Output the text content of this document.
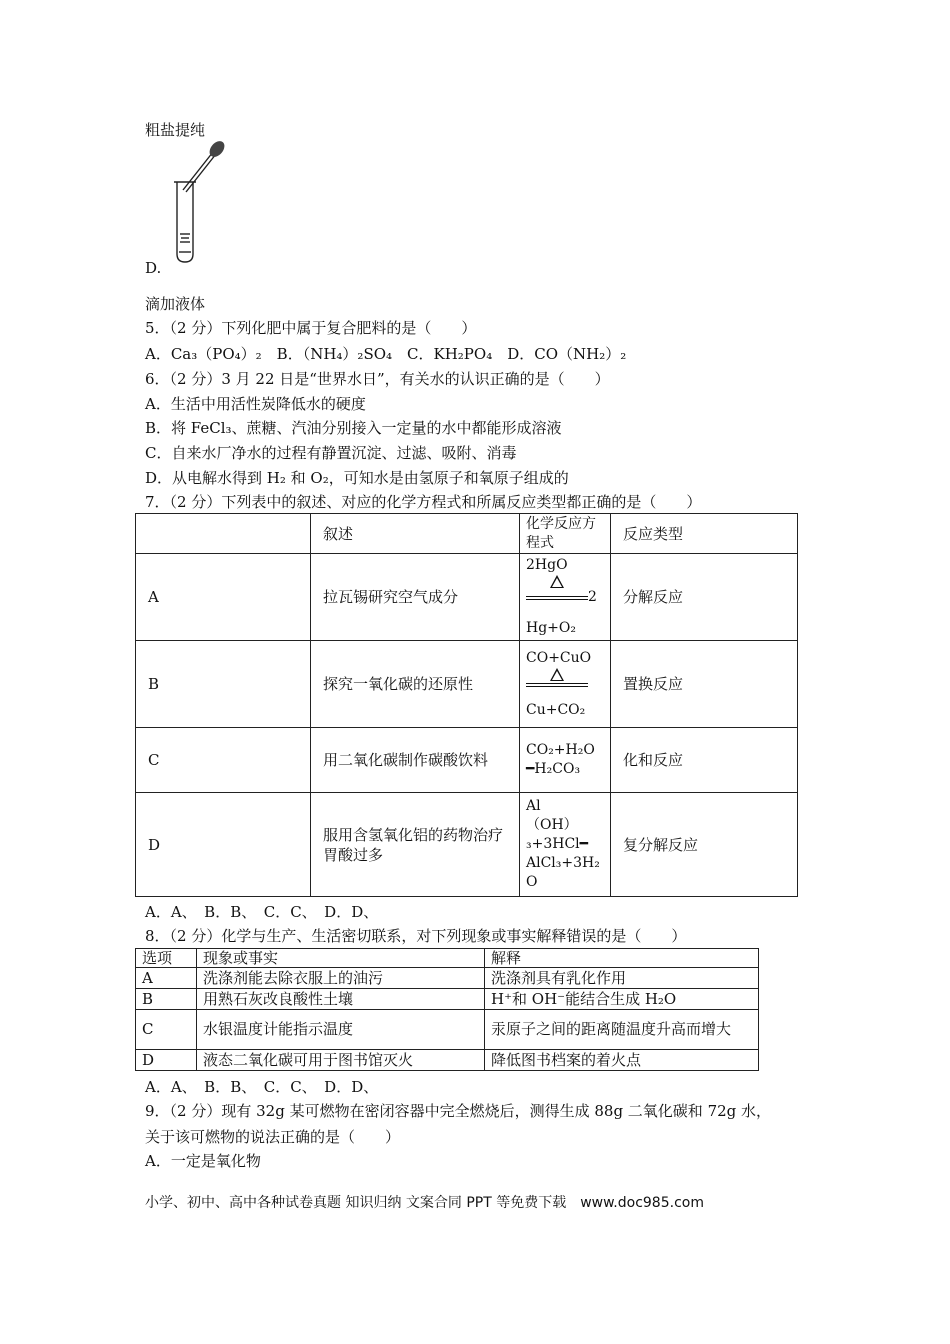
粗盐提纯
D.
滴加液体
5．（2 分）下列化肥中属于复合肥料的是（　　）
A．Ca₃（PO₄）₂　B．（NH₄）₂SO₄　C．KH₂PO₄　D．CO（NH₂）₂
6．（2 分）3 月 22 日是“世界水日”，有关水的认识正确的是（　　）
A．生活中用活性炭降低水的硬度
B．将 FeCl₃、蔗糖、汽油分别接入一定量的水中都能形成溶液
C．自来水厂净水的过程有静置沉淀、过滤、吸附、消毒
D．从电解水得到 H₂ 和 O₂，可知水是由氢原子和氧原子组成的
7．（2 分）下列表中的叙述、对应的化学方程式和所属反应类型都正确的是（　　）
	叙述	化学反应方程式	反应类型
A	拉瓦锡研究空气成分	2HgO
2
Hg+O₂	分解反应
B	探究一氧化碳的还原性	CO+CuO
Cu+CO₂	置换反应
C	用二氧化碳制作碳酸饮料	CO₂+H₂O
━H₂CO₃	化和反应
D	服用含氢氧化铝的药物治疗胃酸过多	Al
（OH）
₃+3HCl━
AlCl₃+3H₂
O	复分解反应
A．A、　B．B、　C．C、　D．D、
8．（2 分）化学与生产、生活密切联系，对下列现象或事实解释错误的是（　　）
选项	现象或事实	解释
A	洗涤剂能去除衣服上的油污	洗涤剂具有乳化作用
B	用熟石灰改良酸性土壤	H⁺和 OH⁻能结合生成 H₂O
C	水银温度计能指示温度	汞原子之间的距离随温度升高而增大
D	液态二氧化碳可用于图书馆灭火	降低图书档案的着火点
A．A、　B．B、　C．C、　D．D、
9．（2 分）现有 32g 某可燃物在密闭容器中完全燃烧后，测得生成 88g 二氧化碳和 72g 水，
关于该可燃物的说法正确的是（　　）
A．一定是氧化物
小学、初中、高中各种试卷真题 知识归纳 文案合同 PPT 等免费下载　www.doc985.com
